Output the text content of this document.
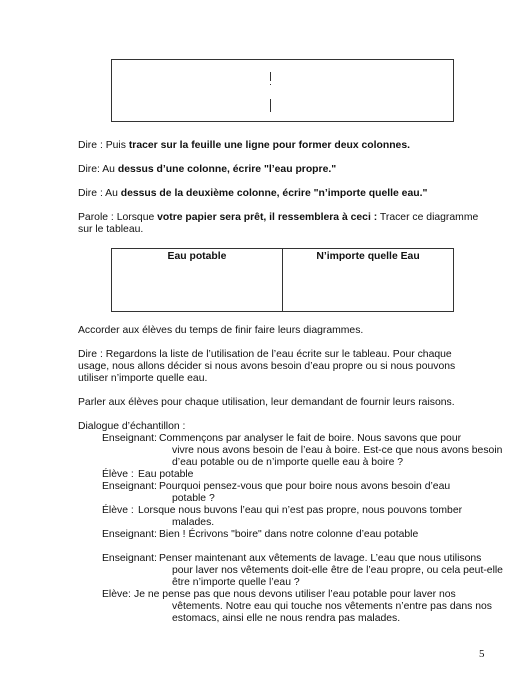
Dire : Puis tracer sur la feuille une ligne pour former deux colonnes.

Dire: Au dessus d’une colonne, écrire "l’eau propre."

Dire : Au dessus de la deuxième colonne, écrire "n’importe quelle eau."

Parole : Lorsque votre papier sera prêt, il ressemblera à ceci : Tracer ce diagramme
sur le tableau.

Eau potable	N’importe quelle Eau

Accorder aux élèves du temps de finir faire leurs diagrammes.

Dire : Regardons la liste de l’utilisation de l’eau écrite sur le tableau. Pour chaque
usage, nous allons décider si nous avons besoin d’eau propre ou si nous pouvons
utiliser n’importe quelle eau.

Parler aux élèves pour chaque utilisation, leur demandant de fournir leurs raisons.

Dialogue d’échantillon :
Enseignant: Commençons par analyser le fait de boire. Nous savons que pour
vivre nous avons besoin de l’eau à boire. Est-ce que nous avons besoin
d’eau potable ou de n’importe quelle eau à boire ?
Élève : Eau potable
Enseignant: Pourquoi pensez-vous que pour boire nous avons besoin d’eau
potable ?
Élève : Lorsque nous buvons l’eau qui n’est pas propre, nous pouvons tomber
malades.
Enseignant: Bien ! Écrivons "boire" dans notre colonne d’eau potable
Enseignant: Penser maintenant aux vêtements de lavage. L’eau que nous utilisons
pour laver nos vêtements doit-elle être de l’eau propre, ou cela peut-elle
être n’importe quelle l’eau ?
Elève: Je ne pense pas que nous devons utiliser l’eau potable pour laver nos
vêtements. Notre eau qui touche nos vêtements n’entre pas dans nos
estomacs, ainsi elle ne nous rendra pas malades.
5
